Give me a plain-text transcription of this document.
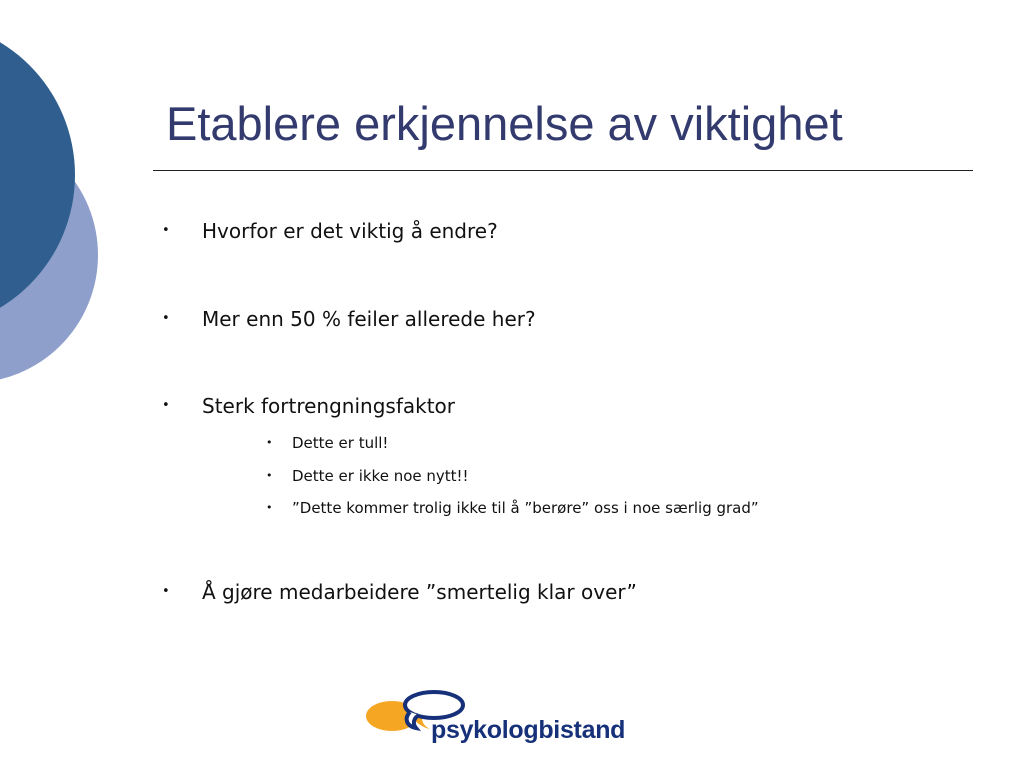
Etablere erkjennelse av viktighet
• Hvorfor er det viktig å endre?
• Mer enn 50 % feiler allerede her?
• Sterk fortrengningsfaktor
• Dette er tull!
• Dette er ikke noe nytt!!
• ”Dette kommer trolig ikke til å ”berøre” oss i noe særlig grad”
• Å gjøre medarbeidere ”smertelig klar over”
psykologbistand
